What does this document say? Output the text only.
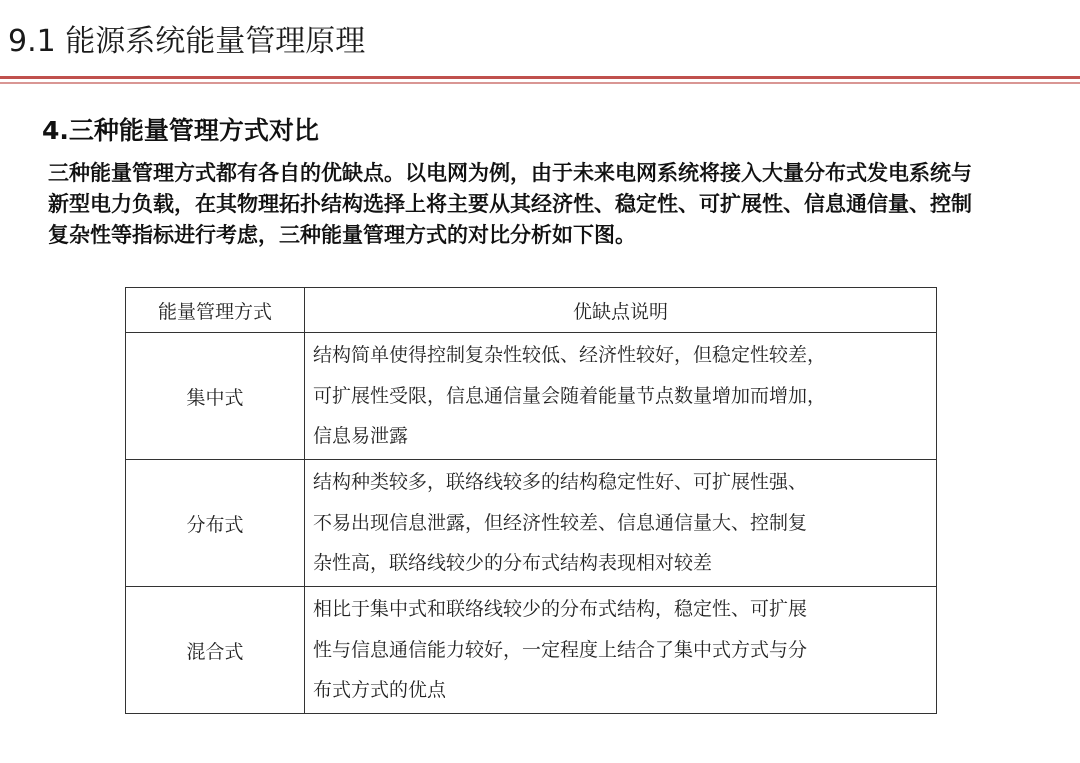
9.1 能源系统能量管理原理
4.三种能量管理方式对比

三种能量管理方式都有各自的优缺点。以电网为例，由于未来电网系统将接入大量分布式发电系统与新型电力负载，在其物理拓扑结构选择上将主要从其经济性、稳定性、可扩展性、信息通信量、控制复杂性等指标进行考虑，三种能量管理方式的对比分析如下图。

能量管理方式	优缺点说明
集中式	结构简单使得控制复杂性较低、经济性较好，但稳定性较差，
可扩展性受限，信息通信量会随着能量节点数量增加而增加，
信息易泄露

分布式	结构种类较多，联络线较多的结构稳定性好、可扩展性强、
不易出现信息泄露，但经济性较差、信息通信量大、控制复
杂性高，联络线较少的分布式结构表现相对较差

混合式	相比于集中式和联络线较少的分布式结构，稳定性、可扩展
性与信息通信能力较好，一定程度上结合了集中式方式与分
布式方式的优点
